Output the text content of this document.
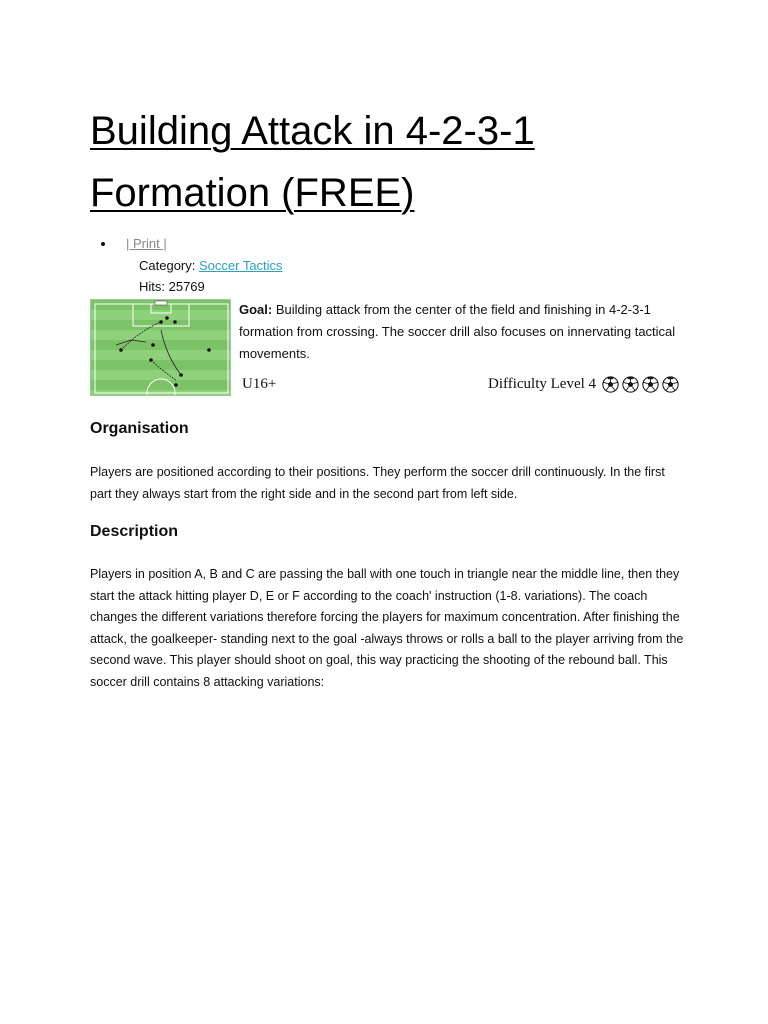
Building Attack in 4-2-3-1 Formation (FREE)
• | Print |
Category: Soccer Tactics
Hits: 25769
Goal: Building attack from the center of the field and finishing in 4-2-3-1 formation from crossing. The soccer drill also focuses on innervating tactical movements.
U16+	Difficulty Level 4
Organisation

Players are positioned according to their positions. They perform the soccer drill continuously. In the first part they always start from the right side and in the second part from left side.

Description

Players in position A, B and C are passing the ball with one touch in triangle near the middle line, then they start the attack hitting player D, E or F according to the coach' instruction (1-8. variations). The coach changes the different variations therefore forcing the players for maximum concentration. After finishing the attack, the goalkeeper- standing next to the goal -always throws or rolls a ball to the player arriving from the second wave. This player should shoot on goal, this way practicing the shooting of the rebound ball. This soccer drill contains 8 attacking variations:
